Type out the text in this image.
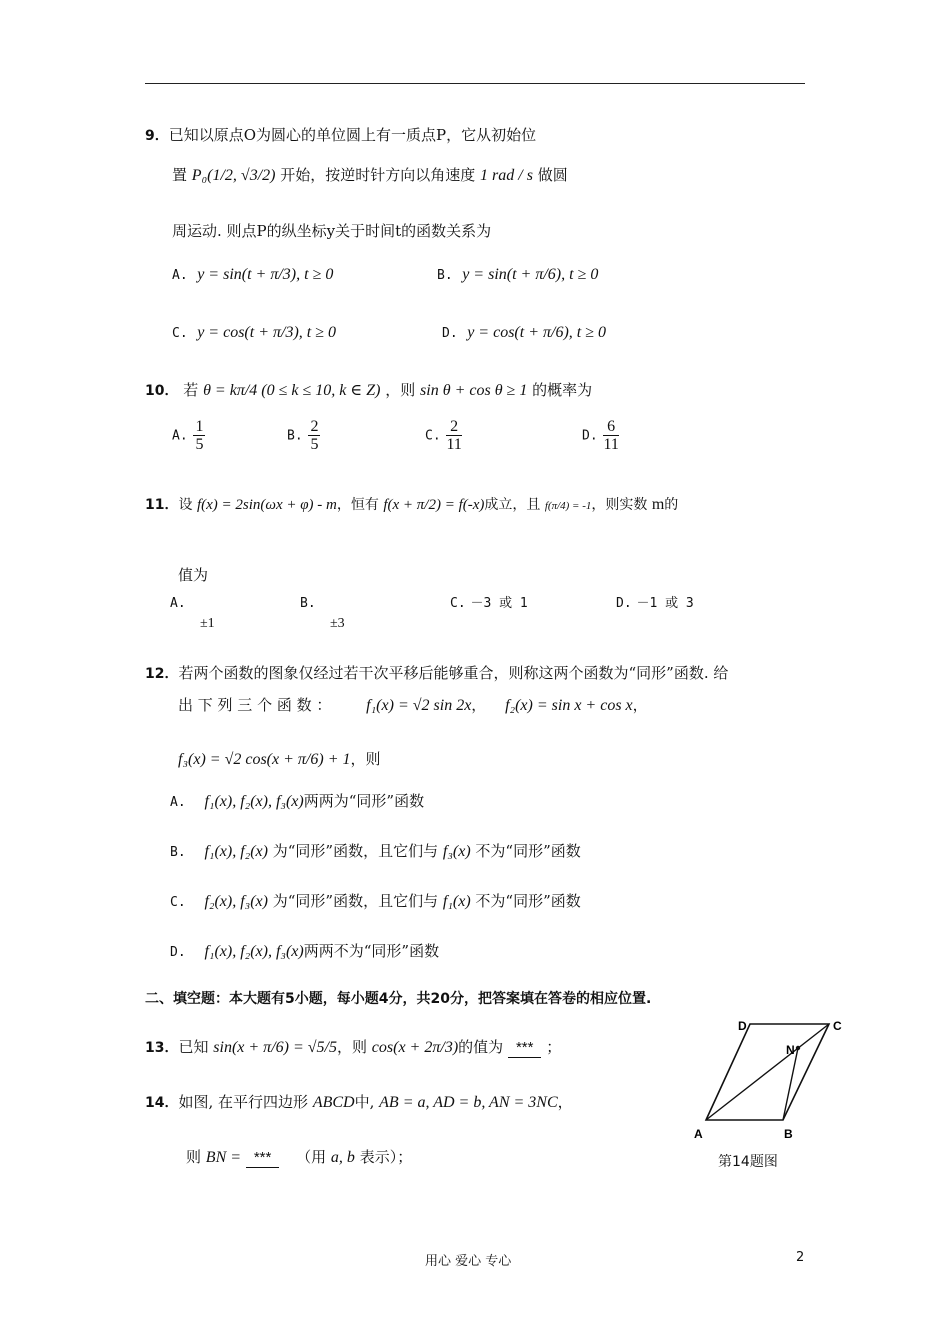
9．已知以原点O为圆心的单位圆上有一质点P，它从初始位
置 P₀(1/2, √3/2) 开始，按逆时针方向以角速度 1 rad / s 做圆
周运动. 则点P的纵坐标y关于时间t的函数关系为
A. y = sin(t + π/3), t ≥ 0	B. y = sin(t + π/6), t ≥ 0
C. y = cos(t + π/3), t ≥ 0	D. y = cos(t + π/6), t ≥ 0
10． 若 θ = kπ/4 (0 ≤ k ≤ 10, k ∈ Z) ，则 sin θ + cos θ ≥ 1 的概率为
A. $\frac{1}{5}$	B. $\frac{2}{5}$	C. $\frac{2}{11}$	D. $\frac{6}{11}$
11．设 f(x) = 2sin(ωx + φ) - m，恒有 f(x + π/2) = f(-x)成立，且 f(π/4) = -1，则实数 m的
值为
A.
±1
B.
±3
C. －3 或 1	D. －1 或 3
12．若两个函数的图象仅经过若干次平移后能够重合，则称这两个函数为“同形”函数. 给
出 下 列 三 个 函 数 ： f₁(x) = √2 sin 2x， f₂(x) = sin x + cos x，
f₃(x) = √2 cos(x + π/6) + 1，则
A. f₁(x), f₂(x), f₃(x)两两为“同形”函数
B. f₁(x), f₂(x) 为“同形”函数，且它们与 f₃(x) 不为“同形”函数
C. f₂(x), f₃(x) 为“同形”函数，且它们与 f₁(x) 不为“同形”函数
D. f₁(x), f₂(x), f₃(x)两两不为“同形”函数
二、填空题：本大题有5小题，每小题4分，共20分，把答案填在答卷的相应位置.
13．已知 sin(x + π/6) = √5/5，则 cos(x + 2π/3)的值为 *** ；
14．如图, 在平行四边形 ABCD中, AB = a, AD = b, AN = 3NC，
则 BN = *** （用 a, b 表示）；
A	B
C
D
N
第14题图
用心 爱心 专心	2
